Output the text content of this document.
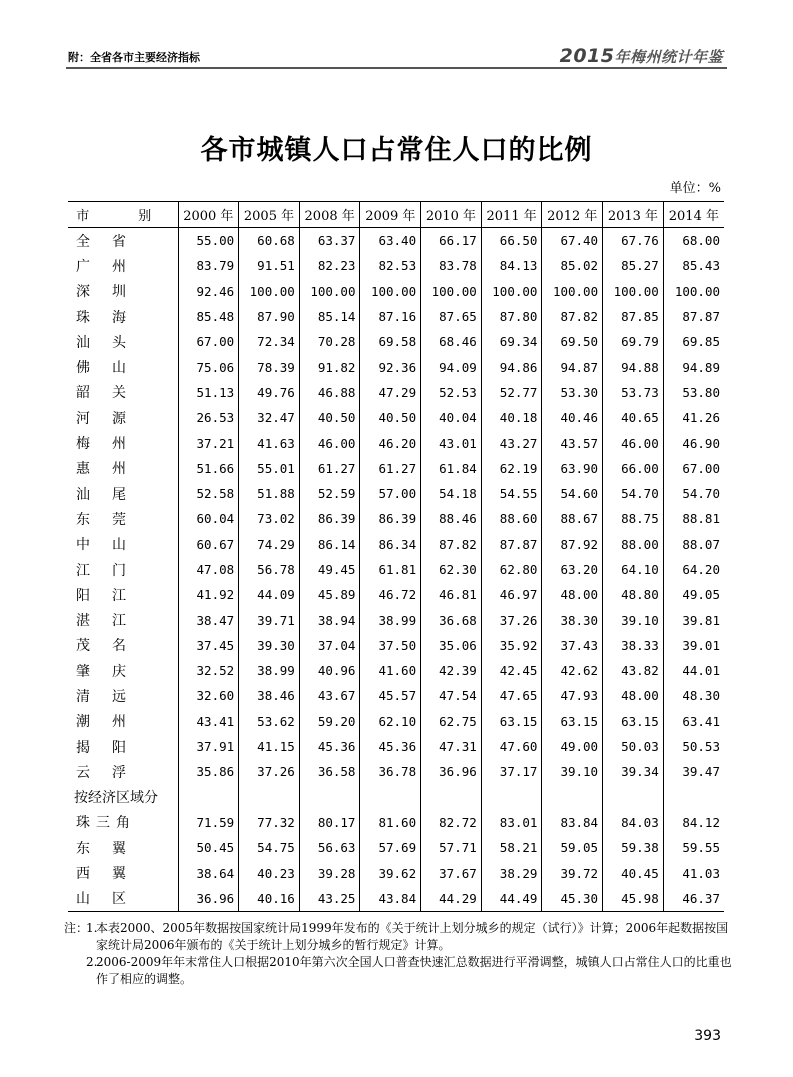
附：全省各市主要经济指标	2015年梅州统计年鉴
各市城镇人口占常住人口的比例
单位：%
市　别	2000 年	2005 年	2008 年	2009 年	2010 年	2011 年	2012 年	2013 年	2014 年
全省	55.00	60.68	63.37	63.40	66.17	66.50	67.40	67.76	68.00
广州	83.79	91.51	82.23	82.53	83.78	84.13	85.02	85.27	85.43
深圳	92.46	100.00	100.00	100.00	100.00	100.00	100.00	100.00	100.00
珠海	85.48	87.90	85.14	87.16	87.65	87.80	87.82	87.85	87.87
汕头	67.00	72.34	70.28	69.58	68.46	69.34	69.50	69.79	69.85
佛山	75.06	78.39	91.82	92.36	94.09	94.86	94.87	94.88	94.89
韶关	51.13	49.76	46.88	47.29	52.53	52.77	53.30	53.73	53.80
河源	26.53	32.47	40.50	40.50	40.04	40.18	40.46	40.65	41.26
梅州	37.21	41.63	46.00	46.20	43.01	43.27	43.57	46.00	46.90
惠州	51.66	55.01	61.27	61.27	61.84	62.19	63.90	66.00	67.00
汕尾	52.58	51.88	52.59	57.00	54.18	54.55	54.60	54.70	54.70
东莞	60.04	73.02	86.39	86.39	88.46	88.60	88.67	88.75	88.81
中山	60.67	74.29	86.14	86.34	87.82	87.87	87.92	88.00	88.07
江门	47.08	56.78	49.45	61.81	62.30	62.80	63.20	64.10	64.20
阳江	41.92	44.09	45.89	46.72	46.81	46.97	48.00	48.80	49.05
湛江	38.47	39.71	38.94	38.99	36.68	37.26	38.30	39.10	39.81
茂名	37.45	39.30	37.04	37.50	35.06	35.92	37.43	38.33	39.01
肇庆	32.52	38.99	40.96	41.60	42.39	42.45	42.62	43.82	44.01
清远	32.60	38.46	43.67	45.57	47.54	47.65	47.93	48.00	48.30
潮州	43.41	53.62	59.20	62.10	62.75	63.15	63.15	63.15	63.41
揭阳	37.91	41.15	45.36	45.36	47.31	47.60	49.00	50.03	50.53
云浮	35.86	37.26	36.58	36.78	36.96	37.17	39.10	39.34	39.47
按经济区域分									
珠三角	71.59	77.32	80.17	81.60	82.72	83.01	83.84	84.03	84.12
东翼	50.45	54.75	56.63	57.69	57.71	58.21	59.05	59.38	59.55
西翼	38.64	40.23	39.28	39.62	37.67	38.29	39.72	40.45	41.03
山区	36.96	40.16	43.25	43.84	44.29	44.49	45.30	45.98	46.37
注：
1.
本表2000、2005年数据按国家统计局1999年发布的《关于统计上划分城乡的规定（试行）》计算；2006年起数据按国家统计局2006年颁布的《关于统计上划分城乡的暂行规定》计算。
2.
2006-2009年年末常住人口根据2010年第六次全国人口普查快速汇总数据进行平滑调整，城镇人口占常住人口的比重也作了相应的调整。
393
